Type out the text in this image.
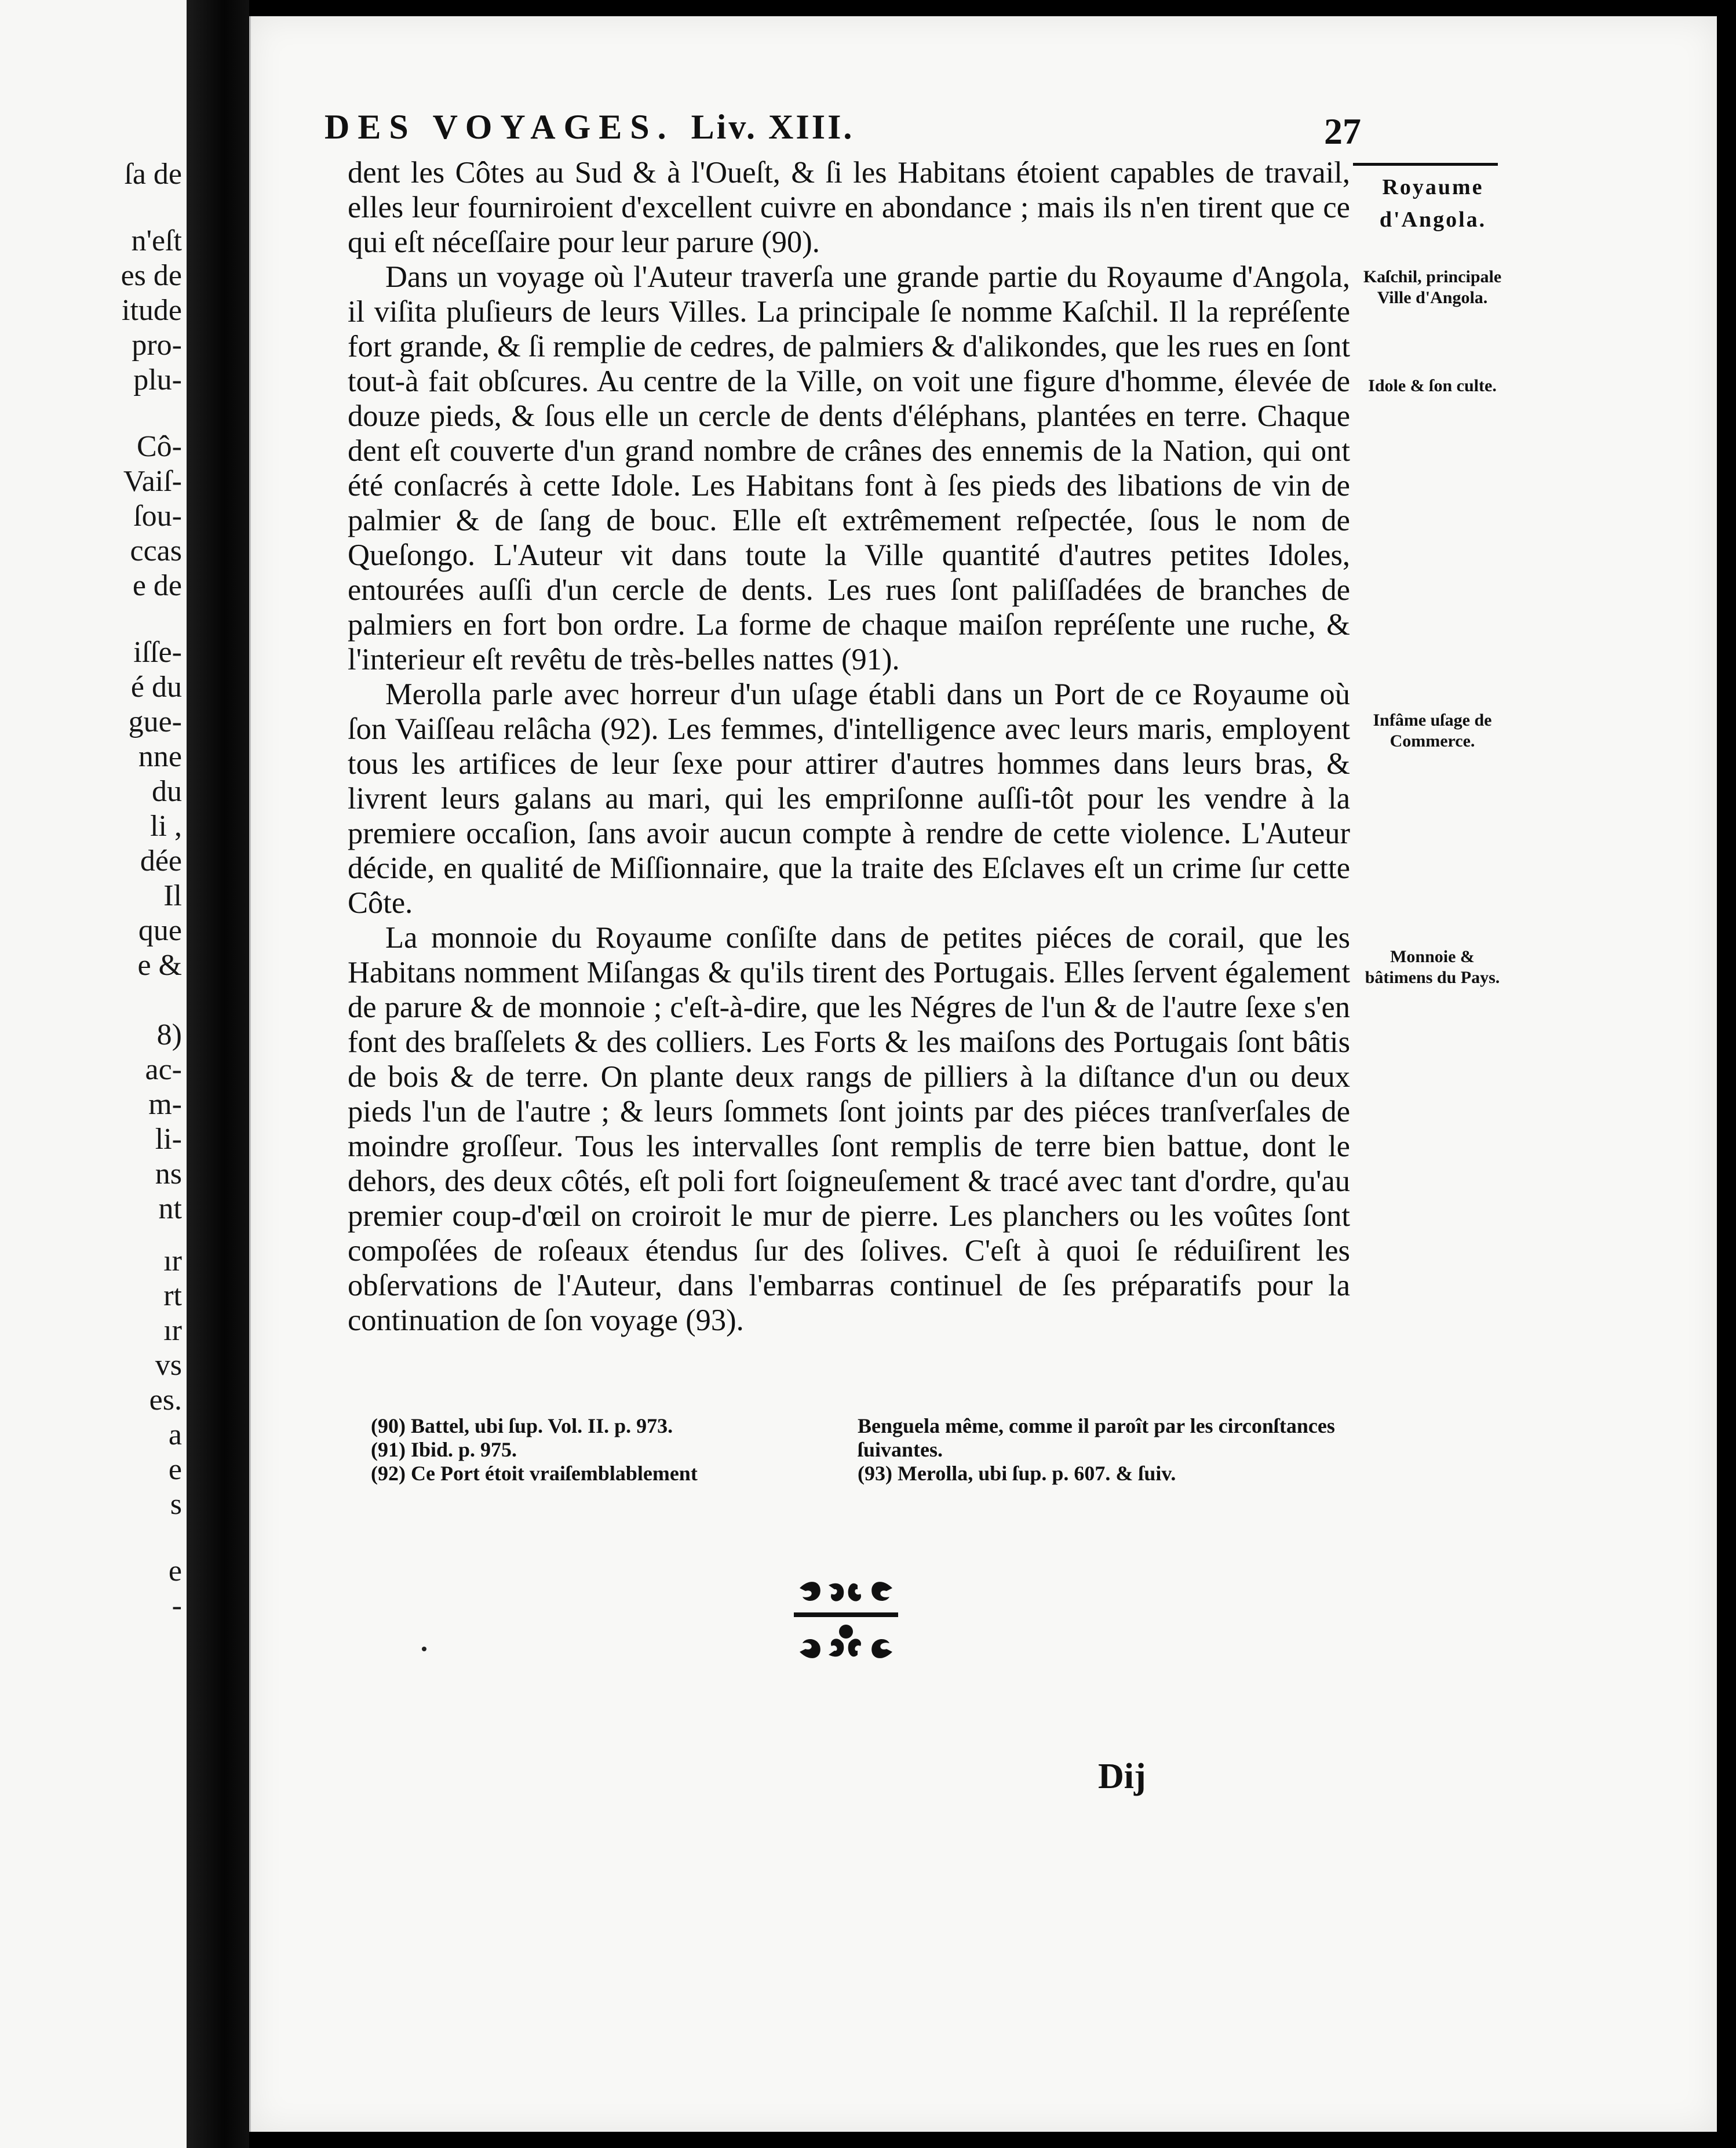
ſa de
n'eſt
es de
itude
pro-
plu-
Cô-
Vaiſ-
ſou-
ccas
e de
iſſe-
é du
gue-
nne
du
li ,
dée
Il
que
e &
8)
ac-
m-
li-
ns
nt
ır
rt
ır
vs
es.
a
e
s
e
-
DES VOYAGES. Liv. XIII.	27
Royaume
d'Angola.
Kaſchil, principale Ville d'Angola.
Idole & ſon culte.
Infâme uſage de Commerce.
Monnoie & bâtimens du Pays.

dent les Côtes au Sud & à l'Oueſt, & ſi les Habitans étoient capables de travail, elles leur fourniroient d'excellent cuivre en abondance ; mais ils n'en tirent que ce qui eſt néceſſaire pour leur parure (90).

Dans un voyage où l'Auteur traverſa une grande partie du Royaume d'Angola, il viſita pluſieurs de leurs Villes. La principale ſe nomme Kaſchil. Il la repréſente fort grande, & ſi remplie de cedres, de palmiers & d'alikondes, que les rues en ſont tout-à fait obſcures. Au centre de la Ville, on voit une figure d'homme, élevée de douze pieds, & ſous elle un cercle de dents d'éléphans, plantées en terre. Chaque dent eſt couverte d'un grand nombre de crânes des ennemis de la Nation, qui ont été conſacrés à cette Idole. Les Habitans font à ſes pieds des libations de vin de palmier & de ſang de bouc. Elle eſt extrêmement reſpectée, ſous le nom de Queſongo. L'Auteur vit dans toute la Ville quantité d'autres petites Idoles, entourées auſſi d'un cercle de dents. Les rues ſont paliſſadées de branches de palmiers en fort bon ordre. La forme de chaque maiſon repréſente une ruche, & l'interieur eſt revêtu de très-belles nattes (91).

Merolla parle avec horreur d'un uſage établi dans un Port de ce Royaume où ſon Vaiſſeau relâcha (92). Les femmes, d'intelligence avec leurs maris, employent tous les artifices de leur ſexe pour attirer d'autres hommes dans leurs bras, & livrent leurs galans au mari, qui les empriſonne auſſi-tôt pour les vendre à la premiere occaſion, ſans avoir aucun compte à rendre de cette violence. L'Auteur décide, en qualité de Miſſionnaire, que la traite des Eſclaves eſt un crime ſur cette Côte.

La monnoie du Royaume conſiſte dans de petites piéces de corail, que les Habitans nomment Miſangas & qu'ils tirent des Portugais. Elles ſervent également de parure & de monnoie ; c'eſt-à-dire, que les Négres de l'un & de l'autre ſexe s'en font des braſſelets & des colliers. Les Forts & les maiſons des Portugais ſont bâtis de bois & de terre. On plante deux rangs de pilliers à la diſtance d'un ou deux pieds l'un de l'autre ; & leurs ſommets ſont joints par des piéces tranſverſales de moindre groſſeur. Tous les intervalles ſont remplis de terre bien battue, dont le dehors, des deux côtés, eſt poli fort ſoigneuſement & tracé avec tant d'ordre, qu'au premier coup-d'œil on croiroit le mur de pierre. Les planchers ou les voûtes ſont compoſées de roſeaux étendus ſur des ſolives. C'eſt à quoi ſe réduiſirent les obſervations de l'Auteur, dans l'embarras continuel de ſes préparatifs pour la continuation de ſon voyage (93).

(90) Battel, ubi ſup. Vol. II. p. 973.
(91) Ibid. p. 975.
(92) Ce Port étoit vraiſemblablement
Benguela même, comme il paroît par les circonſtances ſuivantes.
(93) Merolla, ubi ſup. p. 607. & ſuiv.
Dij
